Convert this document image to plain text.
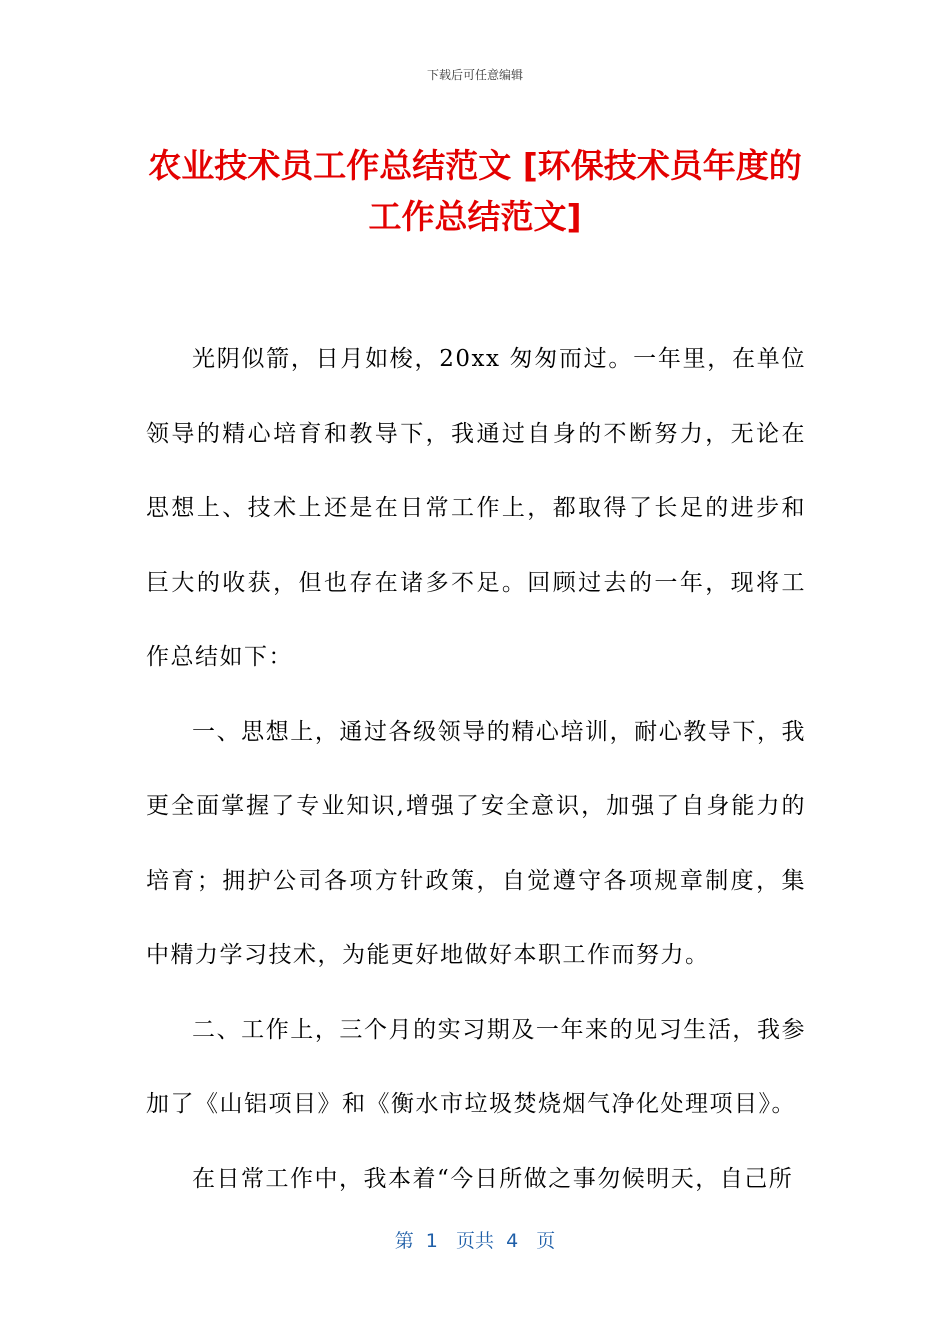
下载后可任意编辑
农业技术员工作总结范文 [环保技术员年度的
工作总结范文]

光阴似箭，日月如梭，20xx 匆匆而过。一年里，在单位领导的精心培育和教导下，我通过自身的不断努力，无论在思想上、技术上还是在日常工作上，都取得了长足的进步和巨大的收获，但也存在诸多不足。回顾过去的一年，现将工作总结如下：

一、思想上，通过各级领导的精心培训，耐心教导下，我更全面掌握了专业知识,增强了安全意识，加强了自身能力的培育；拥护公司各项方针政策，自觉遵守各项规章制度，集中精力学习技术，为能更好地做好本职工作而努力。

二、工作上，三个月的实习期及一年来的见习生活，我参加了《山铝项目》和《衡水市垃圾焚烧烟气净化处理项目》。

在日常工作中，我本着“今日所做之事勿候明天，自己所

第  1   页共  4   页
